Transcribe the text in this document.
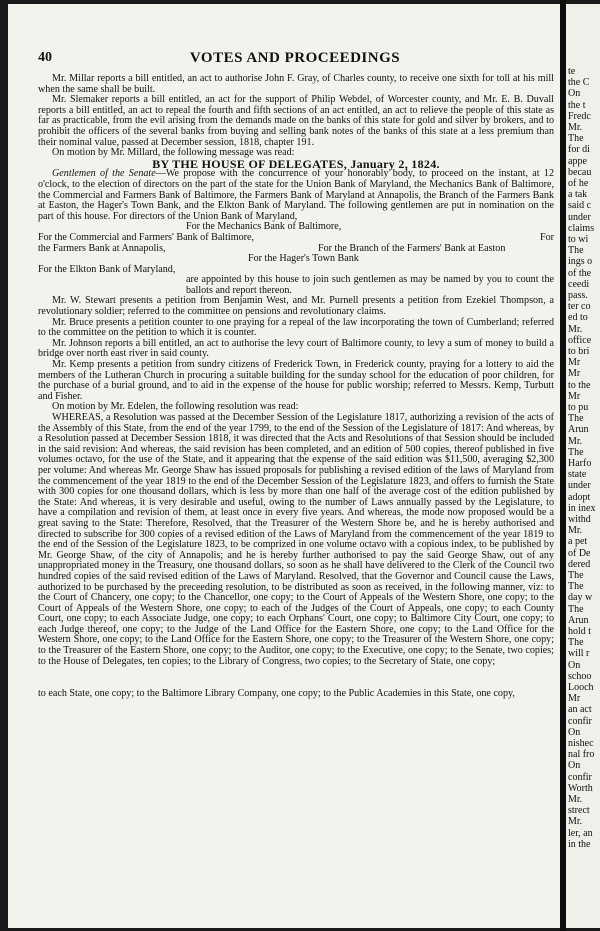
40	VOTES AND PROCEEDINGS

Mr. Millar reports a bill entitled, an act to authorise John F. Gray, of Charles county, to receive one sixth for toll at his mill when the same shall be built.

Mr. Slemaker reports a bill entitled, an act for the support of Philip Webdel, of Worcester county, and Mr. E. B. Duvall reports a bill entitled, an act to repeal the fourth and fifth sections of an act entitled, an act to relieve the people of this state as far as practicable, from the evil arising from the demands made on the banks of this state for gold and silver by brokers, and to prohibit the officers of the several banks from buying and selling bank notes of the banks of this state at a less premium than their nominal value, passed at December session, 1818, chapter 191.

On motion by Mr. Millard, the following message was read:

BY THE HOUSE OF DELEGATES, January 2, 1824.

Gentlemen of the Senate—We propose with the concurrence of your honorably body, to proceed on the instant, at 12 o'clock, to the election of directors on the part of the state for the Union Bank of Maryland, the Mechanics Bank of Baltimore, the Commercial and Farmers Bank of Baltimore, the Farmers Bank of Maryland at Annapolis, the Branch of the Farmers Bank at Easton, the Hager's Town Bank, and the Elkton Bank of Maryland. The following gentlemen are put in nomination on the part of this house. For directors of the Union Bank of Maryland,

For the Mechanics Bank of Baltimore,
For the Commercial and Farmers' Bank of Baltimore,	For
the Farmers Bank at Annapolis,	For the Branch of the Farmers' Bank at Easton
For the Hager's Town Bank
For the Elkton Bank of Maryland,

are appointed by this house to join such gentlemen as may be named by you to count the ballots and report thereon.

Mr. W. Stewart presents a petition from Benjamin West, and Mr. Purnell presents a petition from Ezekiel Thompson, a revolutionary soldier; referred to the committee on pensions and revolutionary claims.

Mr. Bruce presents a petition counter to one praying for a repeal of the law incorporating the town of Cumberland; referred to the committee on the petition to which it is counter.

Mr. Johnson reports a bill entitled, an act to authorise the levy court of Baltimore county, to levy a sum of money to build a bridge over north east river in said county.

Mr. Kemp presents a petition from sundry citizens of Frederick Town, in Frederick county, praying for a lottery to aid the members of the Lutheran Church in procuring a suitable building for the sunday school for the education of poor children, for the purchase of a burial ground, and to aid in the expense of the house for public worship; referred to Messrs. Kemp, Turbutt and Fisher.

On motion by Mr. Edelen, the following resolution was read:

WHEREAS, a Resolution was passed at the December Session of the Legislature 1817, authorizing a revision of the acts of the Assembly of this State, from the end of the year 1799, to the end of the Session of the Legislature of 1817: And whereas, by a Resolution passed at December Session 1818, it was directed that the Acts and Resolutions of that Session should be included in the said revision: And whereas, the said revision has been completed, and an edition of 500 copies, thereof published in five volumes octavo, for the use of the State, and it appearing that the expense of the said edition was $11,500, averaging $2,300 per volume: And whereas Mr. George Shaw has issued proposals for publishing a revised edition of the laws of Maryland from the commencement of the year 1819 to the end of the December Session of the Legislature 1823, and offers to furnish the State with 300 copies for one thousand dollars, which is less by more than one half of the average cost of the edition published by the State: And whereas, it is very desirable and useful, owing to the number of Laws annually passed by the Legislature, to have a compilation and revision of them, at least once in every five years. And whereas, the mode now proposed would be a great saving to the State: Therefore, Resolved, that the Treasurer of the Western Shore be, and he is hereby authorised and directed to subscribe for 300 copies of a revised edition of the Laws of Maryland from the commencement of the year 1819 to the end of the Session of the Legislature 1823, to be comprized in one volume octavo with a copious index, to be published by Mr. George Shaw, of the city of Annapolis; and he is hereby further authorised to pay the said George Shaw, out of any unappropriated money in the Treasury, one thousand dollars, so soon as he shall have delivered to the Clerk of the Council two hundred copies of the said revised edition of the Laws of Maryland. Resolved, that the Governor and Council cause the Laws, authorized to be purchased by the preceeding resolution, to be distributed as soon as received, in the following manner, viz: to the Court of Chancery, one copy; to the Chancellor, one copy; to the Court of Appeals of the Western Shore, one copy; to the Court of Appeals of the Western Shore, one copy; to each of the Judges of the Court of Appeals, one copy; to each County Court, one copy; to each Associate Judge, one copy; to each Orphans' Court, one copy; to Baltimore City Court, one copy; to each Judge thereof, one copy; to the Judge of the Land Office for the Eastern Shore, one copy; to the Land Office for the Western Shore, one copy; to the Land Office for the Eastern Shore, one copy; to the Treasurer of the Western Shore, one copy; to the Treasurer of the Eastern Shore, one copy; to the Auditor, one copy; to the Executive, one copy; to the Senate, two copies; to the House of Delegates, ten copies; to the Library of Congress, two copies; to the Secretary of State, one copy;

to each State, one copy; to the Baltimore Library Company, one copy; to the Public Academies in this State, one copy,

te
the C
On
the t
Fredc
Mr.
The
for di
appe
becau
of he
a tak
said c
under
claims
to wi
The
ings o
of the
ceedi
pass.
ter co
ed to
Mr.
office
to bri
Mr
Mr
to the
Mr
to pu
The
Arun
Mr.
The
Harfo
state
under
adopt
in inex
withd
Mr.
a pet
of De
dered
The
The
day w
The
Arun
hold t
The
will r
On
schoo
Looch
Mr
an act
confir
On
nishec
nal fro
On
confir
Worth
Mr.
strect
Mr.
ler, an
in the
